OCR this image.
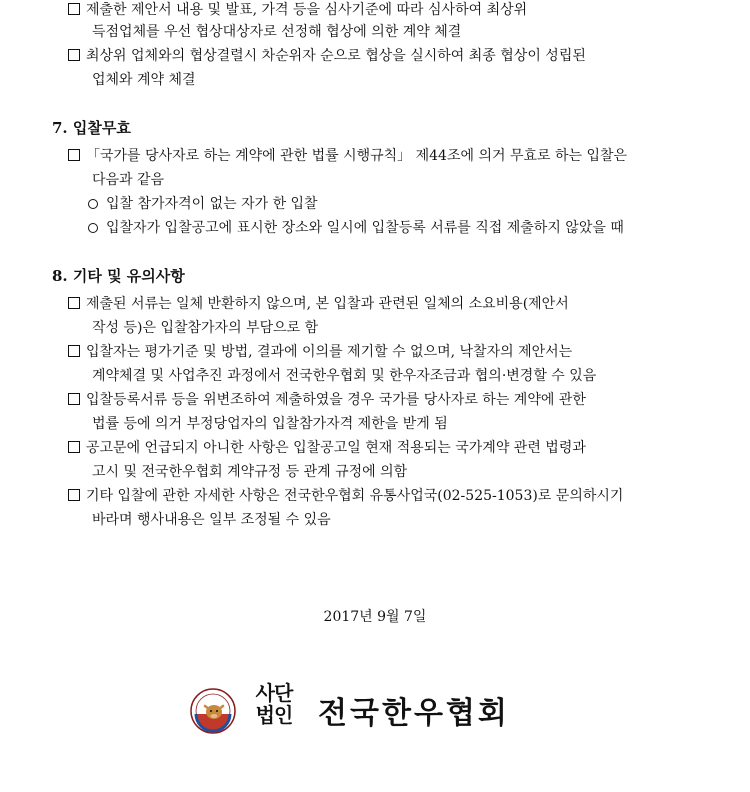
제출한 제안서 내용 및 발표, 가격 등을 심사기준에 따라 심사하여 최상위
득점업체를 우선 협상대상자로 선정해 협상에 의한 계약 체결
최상위 업체와의 협상결렬시 차순위자 순으로 협상을 실시하여 최종 협상이 성립된
업체와 계약 체결
7. 입찰무효
「국가를 당사자로 하는 계약에 관한 법률 시행규칙」 제44조에 의거 무효로 하는 입찰은
다음과 같음
입찰 참가자격이 없는 자가 한 입찰
입찰자가 입찰공고에 표시한 장소와 일시에 입찰등록 서류를 직접 제출하지 않았을 때
8. 기타 및 유의사항
제출된 서류는 일체 반환하지 않으며, 본 입찰과 관련된 일체의 소요비용(제안서
작성 등)은 입찰참가자의 부담으로 함
입찰자는 평가기준 및 방법, 결과에 이의를 제기할 수 없으며, 낙찰자의 제안서는
계약체결 및 사업추진 과정에서 전국한우협회 및 한우자조금과 협의·변경할 수 있음
입찰등록서류 등을 위변조하여 제출하였을 경우 국가를 당사자로 하는 계약에 관한
법률 등에 의거 부정당업자의 입찰참가자격 제한을 받게 됨
공고문에 언급되지 아니한 사항은 입찰공고일 현재 적용되는 국가계약 관련 법령과
고시 및 전국한우협회 계약규정 등 관계 규정에 의함
기타 입찰에 관한 자세한 사항은 전국한우협회 유통사업국(02-525-1053)로 문의하시기
바라며 행사내용은 일부 조정될 수 있음
2017년 9월 7일
사단
법인 전국한우협회
